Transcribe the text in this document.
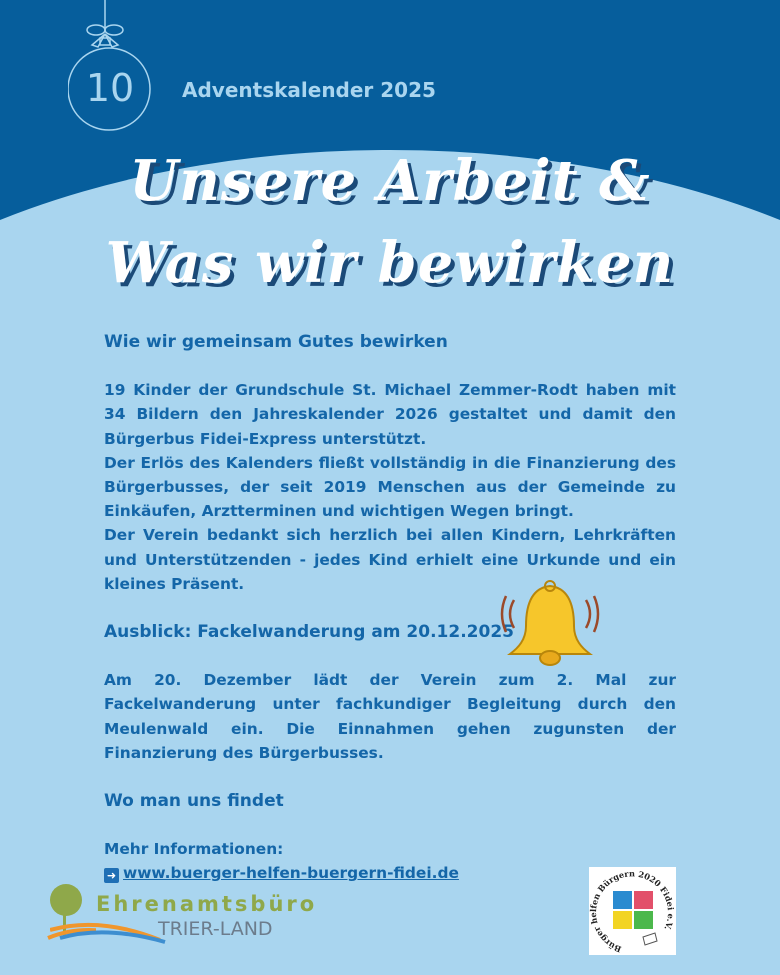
10 Adventskalender 2025
Unsere Arbeit &
Was wir bewirken
Wie wir gemeinsam Gutes bewirken
19 Kinder der Grundschule St. Michael Zemmer-Rodt haben mit 34 Bildern den Jahreskalender 2026 gestaltet und damit den Bürgerbus Fidei-Express unterstützt.
Der Erlös des Kalenders fließt vollständig in die Finanzierung des Bürgerbusses, der seit 2019 Menschen aus der Gemeinde zu Einkäufen, Arztterminen und wichtigen Wegen bringt.
Der Verein bedankt sich herzlich bei allen Kindern, Lehrkräften und Unterstützenden - jedes Kind erhielt eine Urkunde und ein kleines Präsent.
Ausblick: Fackelwanderung am 20.12.2025
Am 20. Dezember lädt der Verein zum 2. Mal zur Fackelwanderung unter fachkundiger Begleitung durch den Meulenwald ein. Die Einnahmen gehen zugunsten der Finanzierung des Bürgerbusses.
Wo man uns findet
Mehr Informationen:
➜ www.buerger-helfen-buergern-fidei.de
Ehrenamtsbüro
TRIER-LAND
Bürger h fen Bürgern 2020 Fidei e.V.
